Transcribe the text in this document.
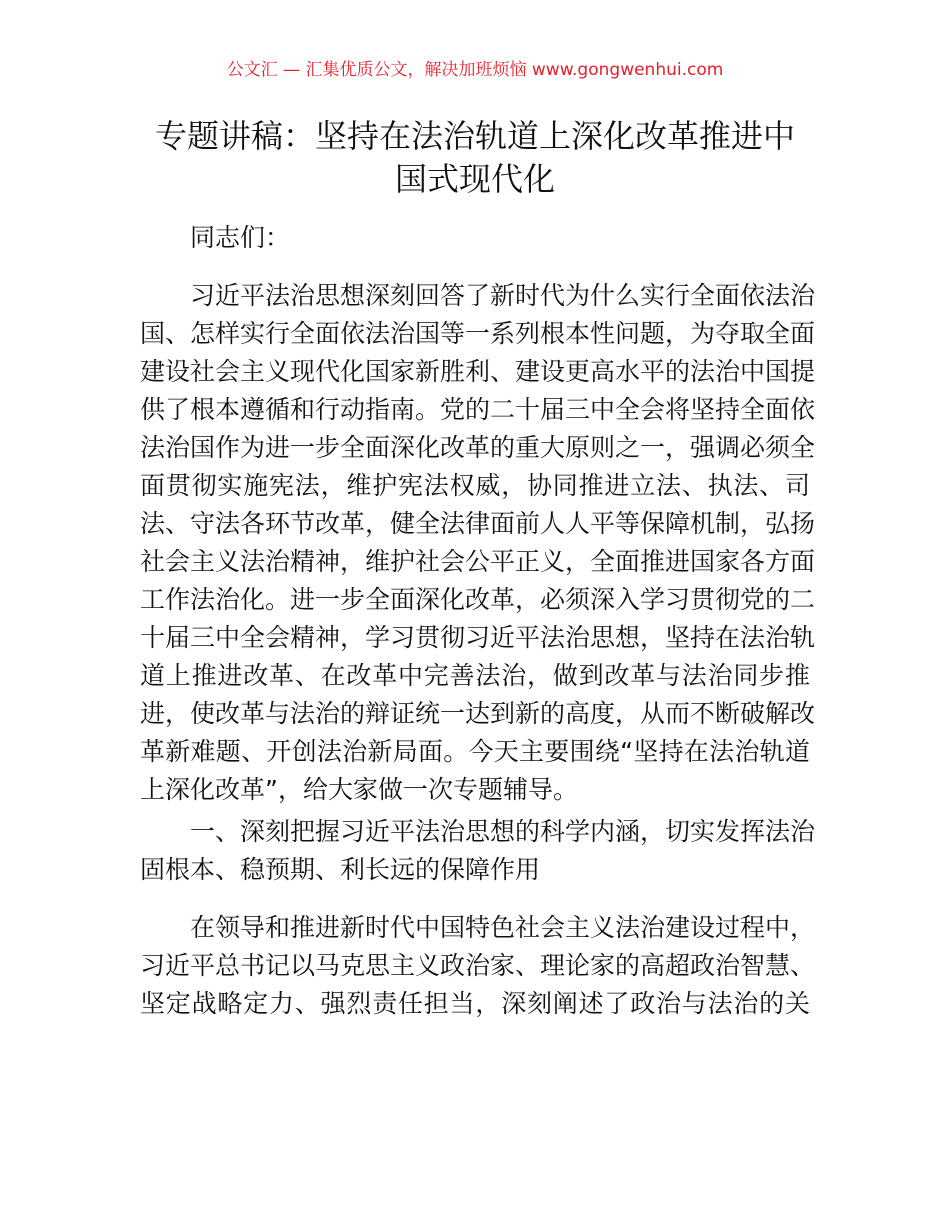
公文汇 — 汇集优质公文，解决加班烦恼 www.gongwenhui.com
专题讲稿：坚持在法治轨道上深化改革推进中
国式现代化
同志们：
习近平法治思想深刻回答了新时代为什么实行全面依法治
国、怎样实行全面依法治国等一系列根本性问题，为夺取全面
建设社会主义现代化国家新胜利、建设更高水平的法治中国提
供了根本遵循和行动指南。党的二十届三中全会将坚持全面依
法治国作为进一步全面深化改革的重大原则之一，强调必须全
面贯彻实施宪法，维护宪法权威，协同推进立法、执法、司
法、守法各环节改革，健全法律面前人人平等保障机制，弘扬
社会主义法治精神，维护社会公平正义，全面推进国家各方面
工作法治化。进一步全面深化改革，必须深入学习贯彻党的二
十届三中全会精神，学习贯彻习近平法治思想，坚持在法治轨
道上推进改革、在改革中完善法治，做到改革与法治同步推
进，使改革与法治的辩证统一达到新的高度，从而不断破解改
革新难题、开创法治新局面。今天主要围绕“坚持在法治轨道
上深化改革”，给大家做一次专题辅导。
一、深刻把握习近平法治思想的科学内涵，切实发挥法治
固根本、稳预期、利长远的保障作用
在领导和推进新时代中国特色社会主义法治建设过程中，
习近平总书记以马克思主义政治家、理论家的高超政治智慧、
坚定战略定力、强烈责任担当，深刻阐述了政治与法治的关
